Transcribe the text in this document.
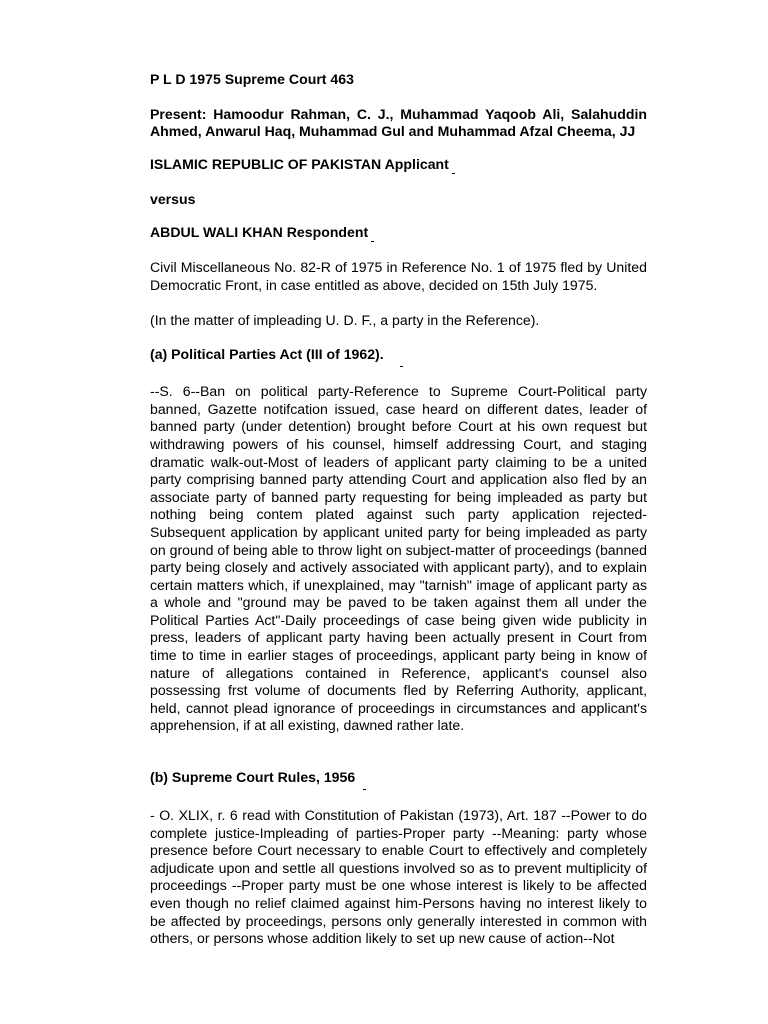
P L D 1975 Supreme Court 463

Present: Hamoodur Rahman, C. J., Muhammad Yaqoob Ali, Salahuddin Ahmed, Anwarul Haq, Muhammad Gul and Muhammad Afzal Cheema, JJ

ISLAMIC REPUBLIC OF PAKISTAN Applicant

versus

ABDUL WALI KHAN Respondent

Civil Miscellaneous No. 82-R of 1975 in Reference No. 1 of 1975 fled by United Democratic Front, in case entitled as above, decided on 15th July 1975.

(In the matter of impleading U. D. F., a party in the Reference).

(a) Political Parties Act (III of 1962).

--S. 6--Ban on political party-Reference to Supreme Court-Political party banned, Gazette notifcation issued, case heard on different dates, leader of banned party (under detention) brought before Court at his own request but withdrawing powers of his counsel, himself addressing Court, and staging dramatic walk-out-Most of leaders of applicant party claiming to be a united party comprising banned party attending Court and application also fled by an associate party of banned party requesting for being impleaded as party but nothing being contem plated against such party application rejected-Subsequent application by applicant united party for being impleaded as party on ground of being able to throw light on subject-matter of proceedings (banned party being closely and actively associated with applicant party), and to explain certain matters which, if unexplained, may "tarnish" image of applicant party as a whole and "ground may be paved to be taken against them all under the Political Parties Act"-Daily proceedings of case being given wide publicity in press, leaders of applicant party having been actually present in Court from time to time in earlier stages of proceedings, applicant party being in know of nature of allegations contained in Reference, applicant's counsel also possessing frst volume of documents fled by Referring Authority, applicant, held, cannot plead ignorance of proceedings in circumstances and applicant's apprehension, if at all existing, dawned rather late.

(b) Supreme Court Rules, 1956

- O. XLIX, r. 6 read with Constitution of Pakistan (1973), Art. 187 --Power to do complete justice-Impleading of parties-Proper party --Meaning: party whose presence before Court necessary to enable Court to effectively and completely adjudicate upon and settle all questions involved so as to prevent multiplicity of proceedings --Proper party must be one whose interest is likely to be affected even though no relief claimed against him-Persons having no interest likely to be affected by proceedings, persons only generally interested in common with others, or persons whose addition likely to set up new cause of action--Not
